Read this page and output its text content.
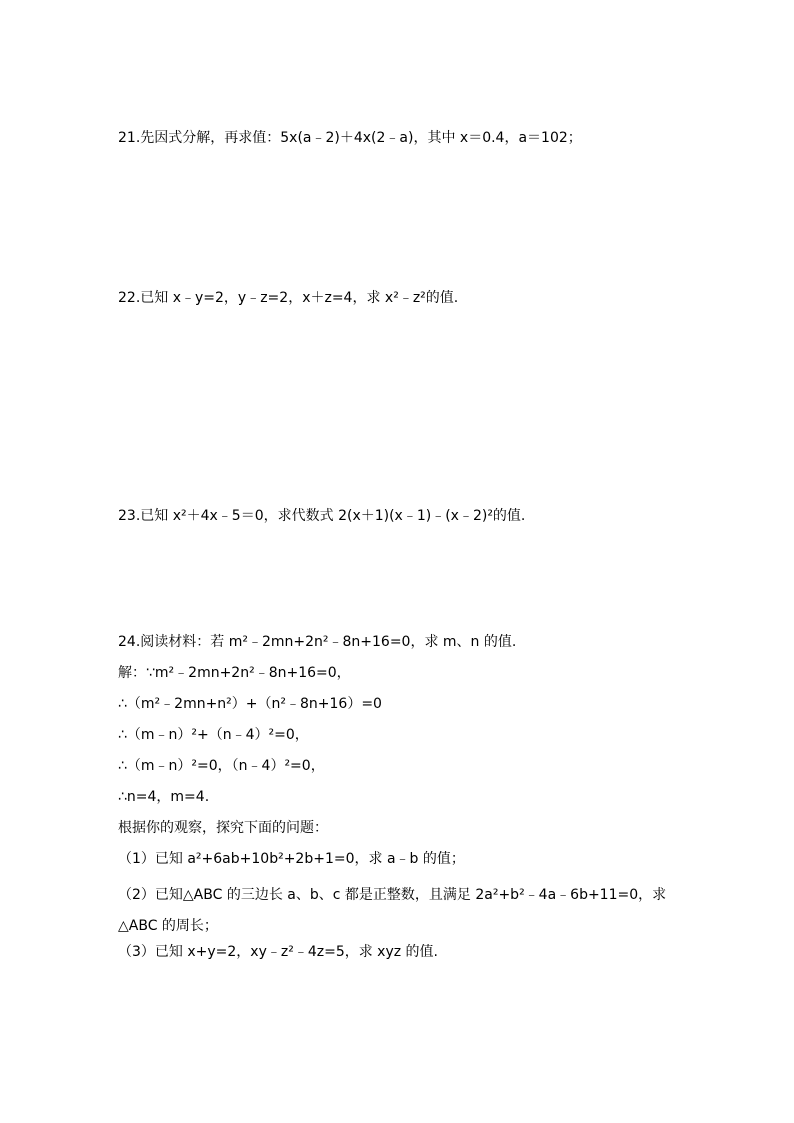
21.先因式分解，再求值：5x(a﹣2)＋4x(2﹣a)，其中 x＝0.4，a＝102；
22.已知 x﹣y=2，y﹣z=2，x＋z=4，求 x²﹣z²的值.
23.已知 x²＋4x﹣5＝0，求代数式 2(x＋1)(x﹣1)﹣(x﹣2)²的值.
24.阅读材料：若 m²﹣2mn+2n²﹣8n+16=0，求 m、n 的值.
解：∵m²﹣2mn+2n²﹣8n+16=0，
∴（m²﹣2mn+n²）+（n²﹣8n+16）=0
∴（m﹣n）²+（n﹣4）²=0，
∴（m﹣n）²=0，（n﹣4）²=0，
∴n=4，m=4.
根据你的观察，探究下面的问题：
（1）已知 a²+6ab+10b²+2b+1=0，求 a﹣b 的值；
（2）已知△ABC 的三边长 a、b、c 都是正整数，且满足 2a²+b²﹣4a﹣6b+11=0，求△ABC 的周长；
（3）已知 x+y=2，xy﹣z²﹣4z=5，求 xyz 的值.
